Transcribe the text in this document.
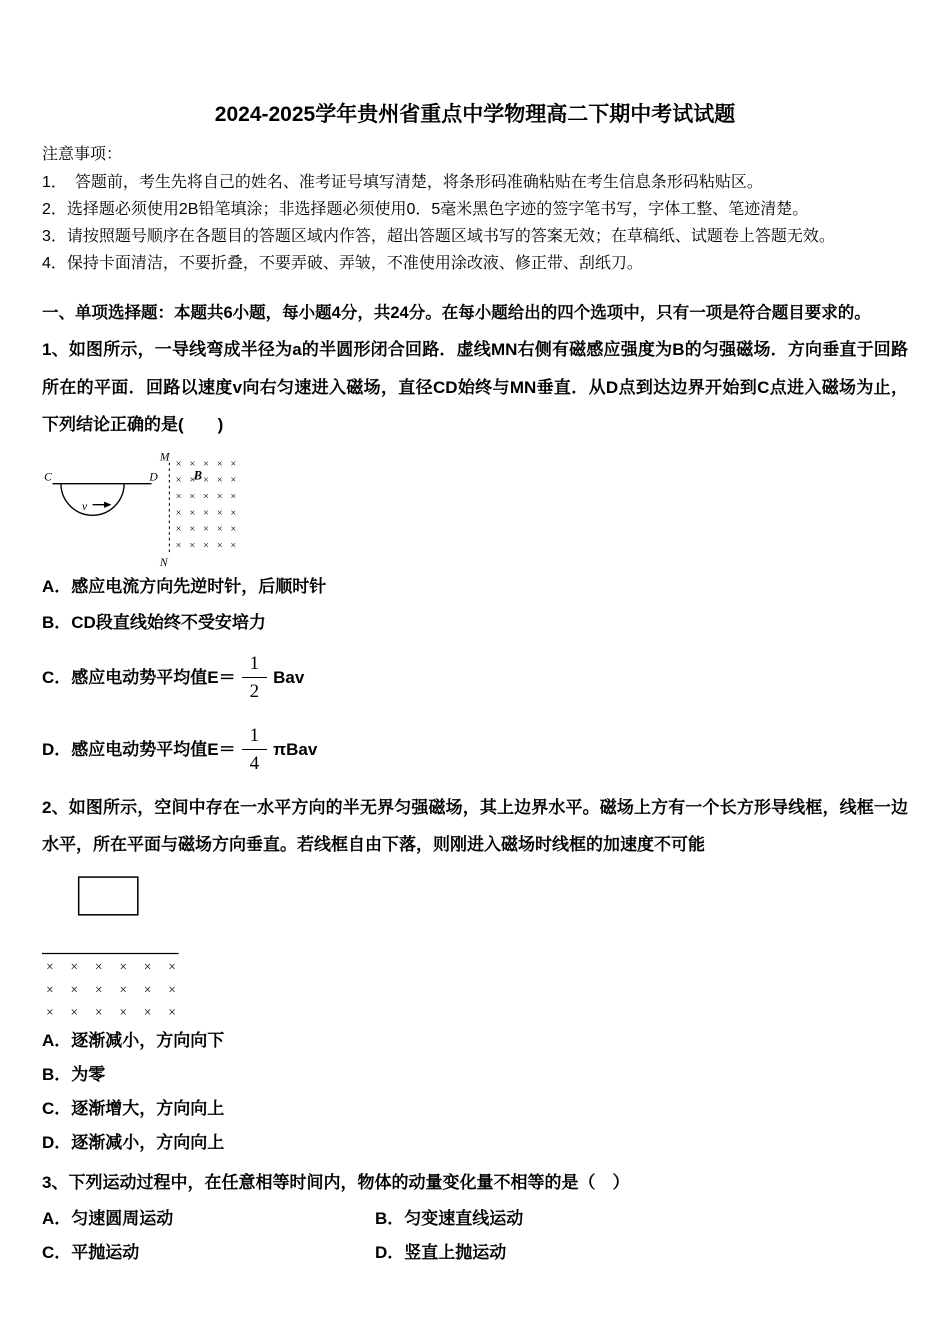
2024-2025学年贵州省重点中学物理高二下期中考试试题
注意事项：
1．　答题前，考生先将自己的姓名、准考证号填写清楚，将条形码准确粘贴在考生信息条形码粘贴区。
2．选择题必须使用2B铅笔填涂；非选择题必须使用0．5毫米黑色字迹的签字笔书写，字体工整、笔迹清楚。
3．请按照题号顺序在各题目的答题区域内作答，超出答题区域书写的答案无效；在草稿纸、试题卷上答题无效。
4．保持卡面清洁，不要折叠，不要弄破、弄皱，不准使用涂改液、修正带、刮纸刀。
一、单项选择题：本题共6小题，每小题4分，共24分。在每小题给出的四个选项中，只有一项是符合题目要求的。
1、如图所示，一导线弯成半径为a的半圆形闭合回路．虚线MN右侧有磁感应强度为B的匀强磁场．方向垂直于回路所在的平面．回路以速度v向右匀速进入磁场，直径CD始终与MN垂直．从D点到达边界开始到C点进入磁场为止，下列结论正确的是(　　)
M
N
C	D
v
B
× × × × ×
× × × × ×
× × × × ×
× × × × ×
× × × × ×
× × × × ×
A．感应电流方向先逆时针，后顺时针
B．CD段直线始终不受安培力
C．感应电动势平均值$E= \frac{1}{2}$ Bav
D．感应电动势平均值$E= \frac{1}{4}$ πBav
2、如图所示，空间中存在一水平方向的半无界匀强磁场，其上边界水平。磁场上方有一个长方形导线框，线框一边水平，所在平面与磁场方向垂直。若线框自由下落，则刚进入磁场时线框的加速度不可能
× × × × × ×
× × × × × ×
× × × × × ×
A．逐渐减小，方向向下
B．为零
C．逐渐增大，方向向上
D．逐渐减小，方向向上
3、下列运动过程中，在任意相等时间内，物体的动量变化量不相等的是（　）
A．匀速圆周运动	B．匀变速直线运动
C．平抛运动	D．竖直上抛运动
